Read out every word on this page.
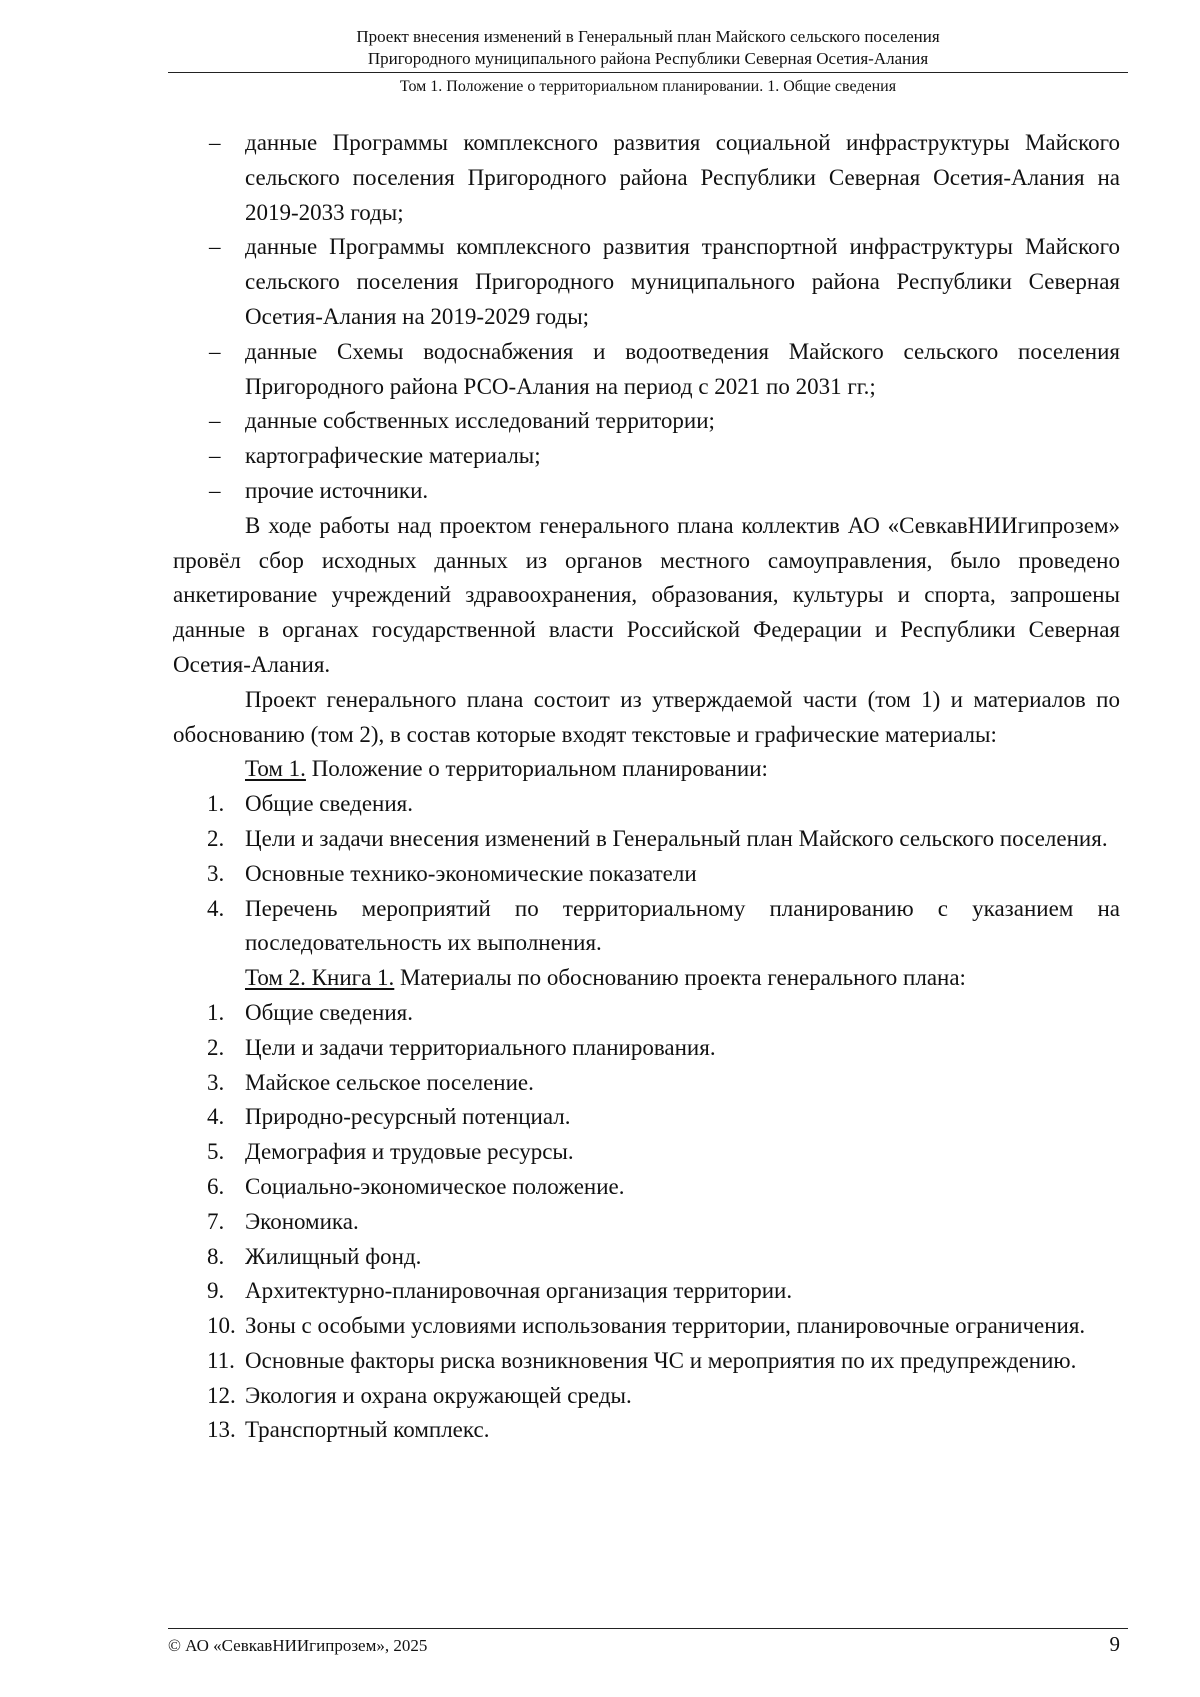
Проект внесения изменений в Генеральный план Майского сельского поселения
Пригородного муниципального района Республики Северная Осетия-Алания
Том 1. Положение о территориальном планировании. 1. Общие сведения
– данные Программы комплексного развития социальной инфраструктуры Майского сельского поселения Пригородного района Республики Северная Осетия-Алания на 2019-2033 годы;
– данные Программы комплексного развития транспортной инфраструктуры Майского сельского поселения Пригородного муниципального района Республики Северная Осетия-Алания на 2019-2029 годы;
– данные Схемы водоснабжения и водоотведения Майского сельского поселения Пригородного района РСО-Алания на период с 2021 по 2031 гг.;
– данные собственных исследований территории;
– картографические материалы;
– прочие источники.
В ходе работы над проектом генерального плана коллектив АО «СевкавНИИгипрозем» провёл сбор исходных данных из органов местного самоуправления, было проведено анкетирование учреждений здравоохранения, образования, культуры и спорта, запрошены данные в органах государственной власти Российской Федерации и Республики Северная Осетия-Алания.
Проект генерального плана состоит из утверждаемой части (том 1) и материалов по обоснованию (том 2), в состав которые входят текстовые и графические материалы:
Том 1. Положение о территориальном планировании:
1. Общие сведения.
2. Цели и задачи внесения изменений в Генеральный план Майского сельского поселения.
3. Основные технико-экономические показатели
4. Перечень мероприятий по территориальному планированию с указанием на последовательность их выполнения.
Том 2. Книга 1. Материалы по обоснованию проекта генерального плана:
1. Общие сведения.
2. Цели и задачи территориального планирования.
3. Майское сельское поселение.
4. Природно-ресурсный потенциал.
5. Демография и трудовые ресурсы.
6. Социально-экономическое положение.
7. Экономика.
8. Жилищный фонд.
9. Архитектурно-планировочная организация территории.
10. Зоны с особыми условиями использования территории, планировочные ограничения.
11. Основные факторы риска возникновения ЧС и мероприятия по их предупреждению.
12. Экология и охрана окружающей среды.
13. Транспортный комплекс.
© АО «СевкавНИИгипрозем», 2025	9
